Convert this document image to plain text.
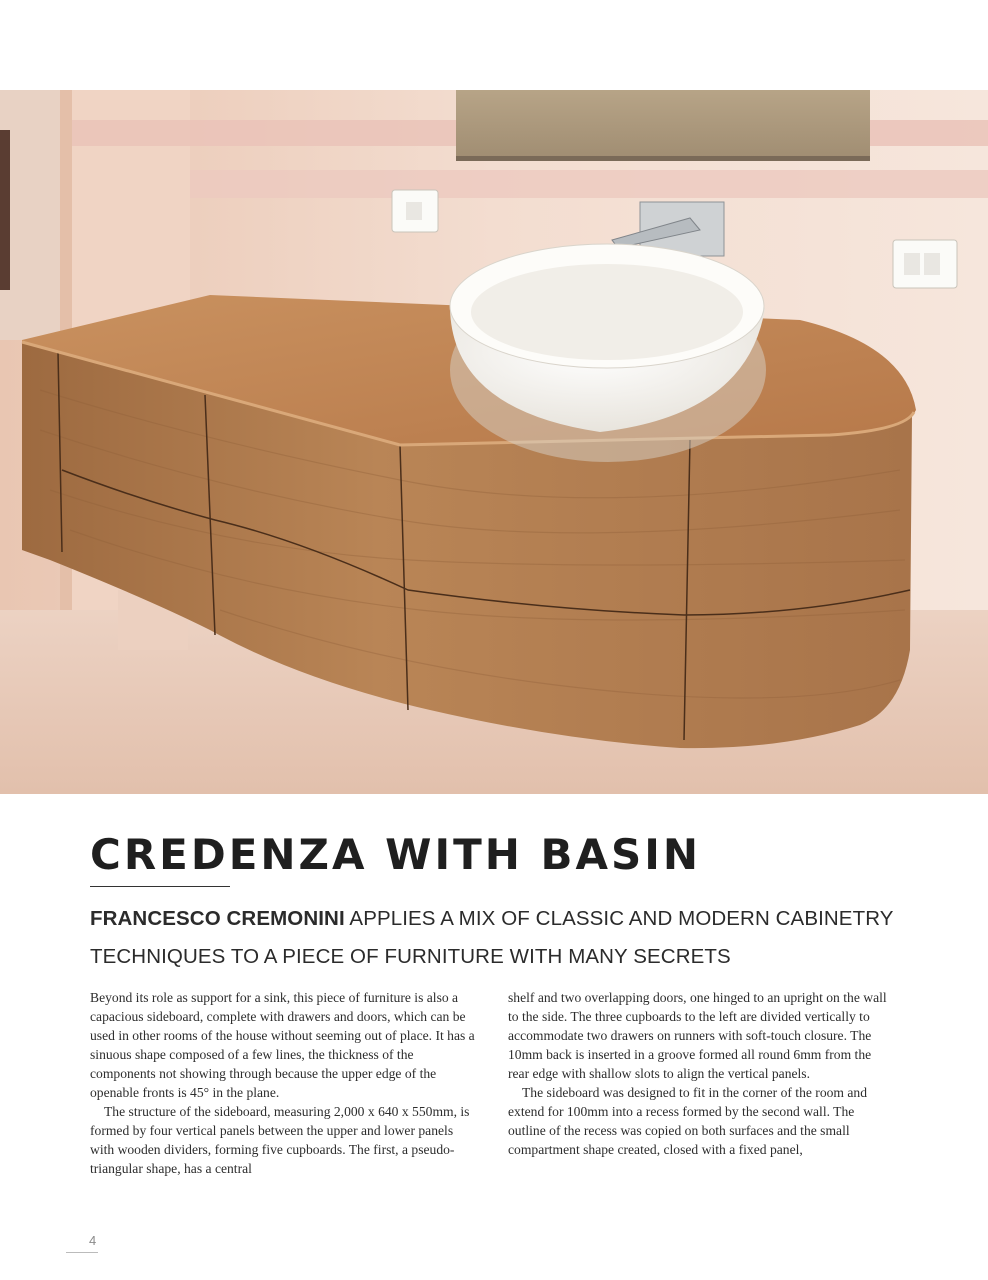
CREDENZA WITH BASIN

FRANCESCO CREMONINI APPLIES A MIX OF CLASSIC AND MODERN CABINETRY TECHNIQUES TO A PIECE OF FURNITURE WITH MANY SECRETS

Beyond its role as support for a sink, this piece of furniture is also a capacious sideboard, complete with drawers and doors, which can be used in other rooms of the house without seeming out of place. It has a sinuous shape composed of a few lines, the thickness of the components not showing through because the upper edge of the openable fronts is 45° in the plane.

The structure of the sideboard, measuring 2,000 x 640 x 550mm, is formed by four vertical panels between the upper and lower panels with wooden dividers, forming five cupboards. The first, a pseudo-triangular shape, has a central

shelf and two overlapping doors, one hinged to an upright on the wall to the side. The three cupboards to the left are divided vertically to accommodate two drawers on runners with soft-touch closure. The 10mm back is inserted in a groove formed all round 6mm from the rear edge with shallow slots to align the vertical panels.

The sideboard was designed to fit in the corner of the room and extend for 100mm into a recess formed by the second wall. The outline of the recess was copied on both surfaces and the small compartment shape created, closed with a fixed panel,

4
